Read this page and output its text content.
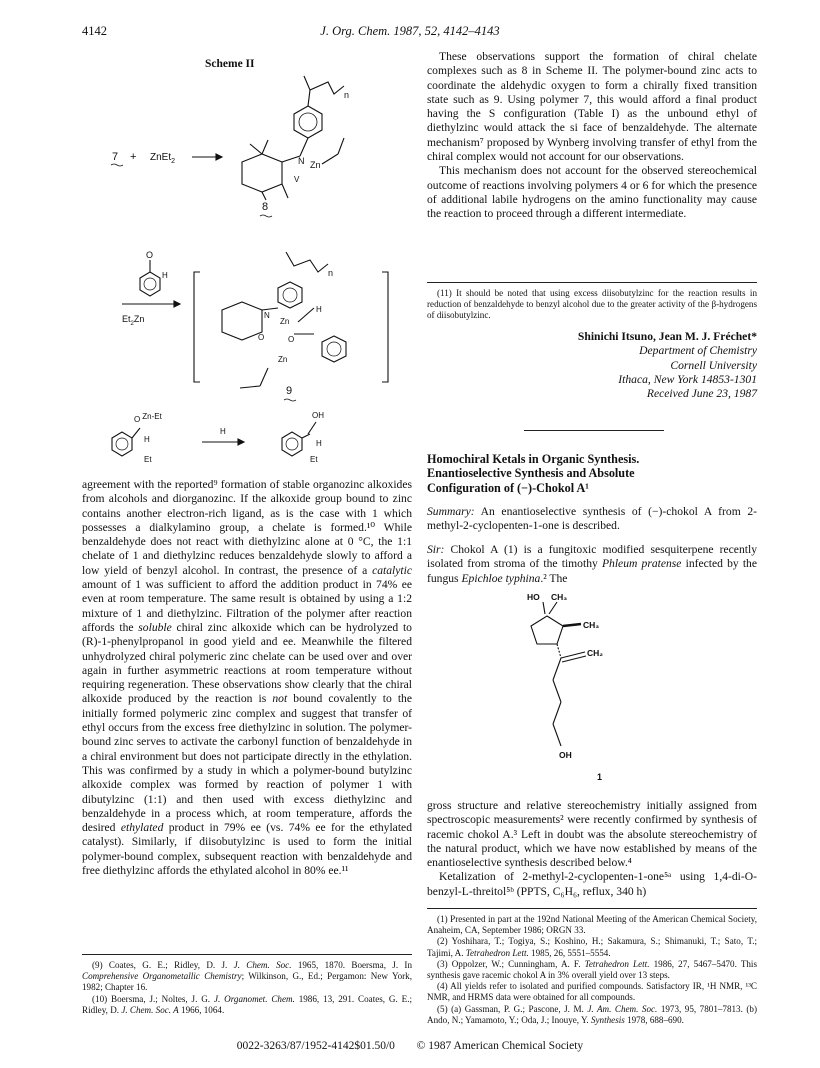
4142	J. Org. Chem. 1987, 52, 4142–4143
Scheme II
7 + ZnEt$_2$
n
N Zn
V
8
O
H
$Et_2Zn$
n
N
Zn
O	O
Zn
H
9
O Zn-Et
H
Et
H
OH
H
Et

agreement with the reported⁹ formation of stable organozinc alkoxides from alcohols and diorganozinc. If the alkoxide group bound to zinc contains another electron-rich ligand, as is the case with 1 which possesses a dialkylamino group, a chelate is formed.¹⁰ While benzaldehyde does not react with diethylzinc alone at 0 °C, the 1:1 chelate of 1 and diethylzinc reduces benzaldehyde slowly to afford a low yield of benzyl alcohol. In contrast, the presence of a catalytic amount of 1 was sufficient to afford the addition product in 74% ee even at room temperature. The same result is obtained by using a 1:2 mixture of 1 and diethylzinc. Filtration of the polymer after reaction affords the soluble chiral zinc alkoxide which can be hydrolyzed to (R)-1-phenylpropanol in good yield and ee. Meanwhile the filtered unhydrolyzed chiral polymeric zinc chelate can be used over and over again in further asymmetric reactions at room temperature without requiring regeneration. These observations show clearly that the chiral alkoxide produced by the reaction is not bound covalently to the initially formed polymeric zinc complex and suggest that transfer of ethyl occurs from the excess free diethylzinc in solution. The polymer-bound zinc serves to activate the carbonyl function of benzaldehyde in a chiral environment but does not participate directly in the ethylation. This was confirmed by a study in which a polymer-bound butylzinc alkoxide complex was formed by reaction of polymer 1 with dibutylzinc (1:1) and then used with excess diethylzinc and benzaldehyde in a process which, at room temperature, affords the desired ethylated product in 79% ee (vs. 74% ee for the ethylated catalyst). Similarly, if diisobutylzinc is used to form the initial polymer-bound complex, subsequent reaction with benzaldehyde and free diethylzinc affords the ethylated alcohol in 80% ee.¹¹

(9) Coates, G. E.; Ridley, D. J. J. Chem. Soc. 1965, 1870. Boersma, J. In Comprehensive Organometallic Chemistry; Wilkinson, G., Ed.; Pergamon: New York, 1982; Chapter 16.

(10) Boersma, J.; Noltes, J. G. J. Organomet. Chem. 1986, 13, 291. Coates, G. E.; Ridley, D. J. Chem. Soc. A 1966, 1064.

These observations support the formation of chiral chelate complexes such as 8 in Scheme II. The polymer-bound zinc acts to coordinate the aldehydic oxygen to form a chirally fixed transition state such as 9. Using polymer 7, this would afford a final product having the S configuration (Table I) as the unbound ethyl of diethylzinc would attack the si face of benzaldehyde. The alternate mechanism⁷ proposed by Wynberg involving transfer of ethyl from the chiral complex would not account for our observations.

This mechanism does not account for the observed stereochemical outcome of reactions involving polymers 4 or 6 for which the presence of additional labile hydrogens on the amino functionality may cause the reaction to proceed through a different intermediate.

(11) It should be noted that using excess diisobutylzinc for the reaction results in reduction of benzaldehyde to benzyl alcohol due to the greater activity of the β-hydrogens of diisobutylzinc.

Shinichi Itsuno, Jean M. J. Fréchet*

Department of Chemistry

Cornell University

Ithaca, New York 14853-1301

Received June 23, 1987

Homochiral Ketals in Organic Synthesis.

Enantioselective Synthesis and Absolute

Configuration of (−)-Chokol A¹

Summary: An enantioselective synthesis of (−)-chokol A from 2-methyl-2-cyclopenten-1-one is described.

Sir: Chokol A (1) is a fungitoxic modified sesquiterpene recently isolated from stroma of the timothy Phleum pratense infected by the fungus Epichloe typhina.² The

HO CH₃
CH₃
CH₂
OH
1

gross structure and relative stereochemistry initially assigned from spectroscopic measurements² were recently confirmed by synthesis of racemic chokol A.³ Left in doubt was the absolute stereochemistry of the natural product, which we have now established by means of the enantioselective synthesis described below.⁴

Ketalization of 2-methyl-2-cyclopenten-1-one⁵ᵃ using 1,4-di-O-benzyl-L-threitol⁵ᵇ (PPTS, C₆H₆, reflux, 340 h)

(1) Presented in part at the 192nd National Meeting of the American Chemical Society, Anaheim, CA, September 1986; ORGN 33.

(2) Yoshihara, T.; Togiya, S.; Koshino, H.; Sakamura, S.; Shimanuki, T.; Sato, T.; Tajimi, A. Tetrahedron Lett. 1985, 26, 5551–5554.

(3) Oppolzer, W.; Cunningham, A. F. Tetrahedron Lett. 1986, 27, 5467–5470. This synthesis gave racemic chokol A in 3% overall yield over 13 steps.

(4) All yields refer to isolated and purified compounds. Satisfactory IR, ¹H NMR, ¹³C NMR, and HRMS data were obtained for all compounds.

(5) (a) Gassman, P. G.; Pascone, J. M. J. Am. Chem. Soc. 1973, 95, 7801–7813. (b) Ando, N.; Yamamoto, Y.; Oda, J.; Inouye, Y. Synthesis 1978, 688–690.

0022-3263/87/1952-4142$01.50/0 © 1987 American Chemical Society
